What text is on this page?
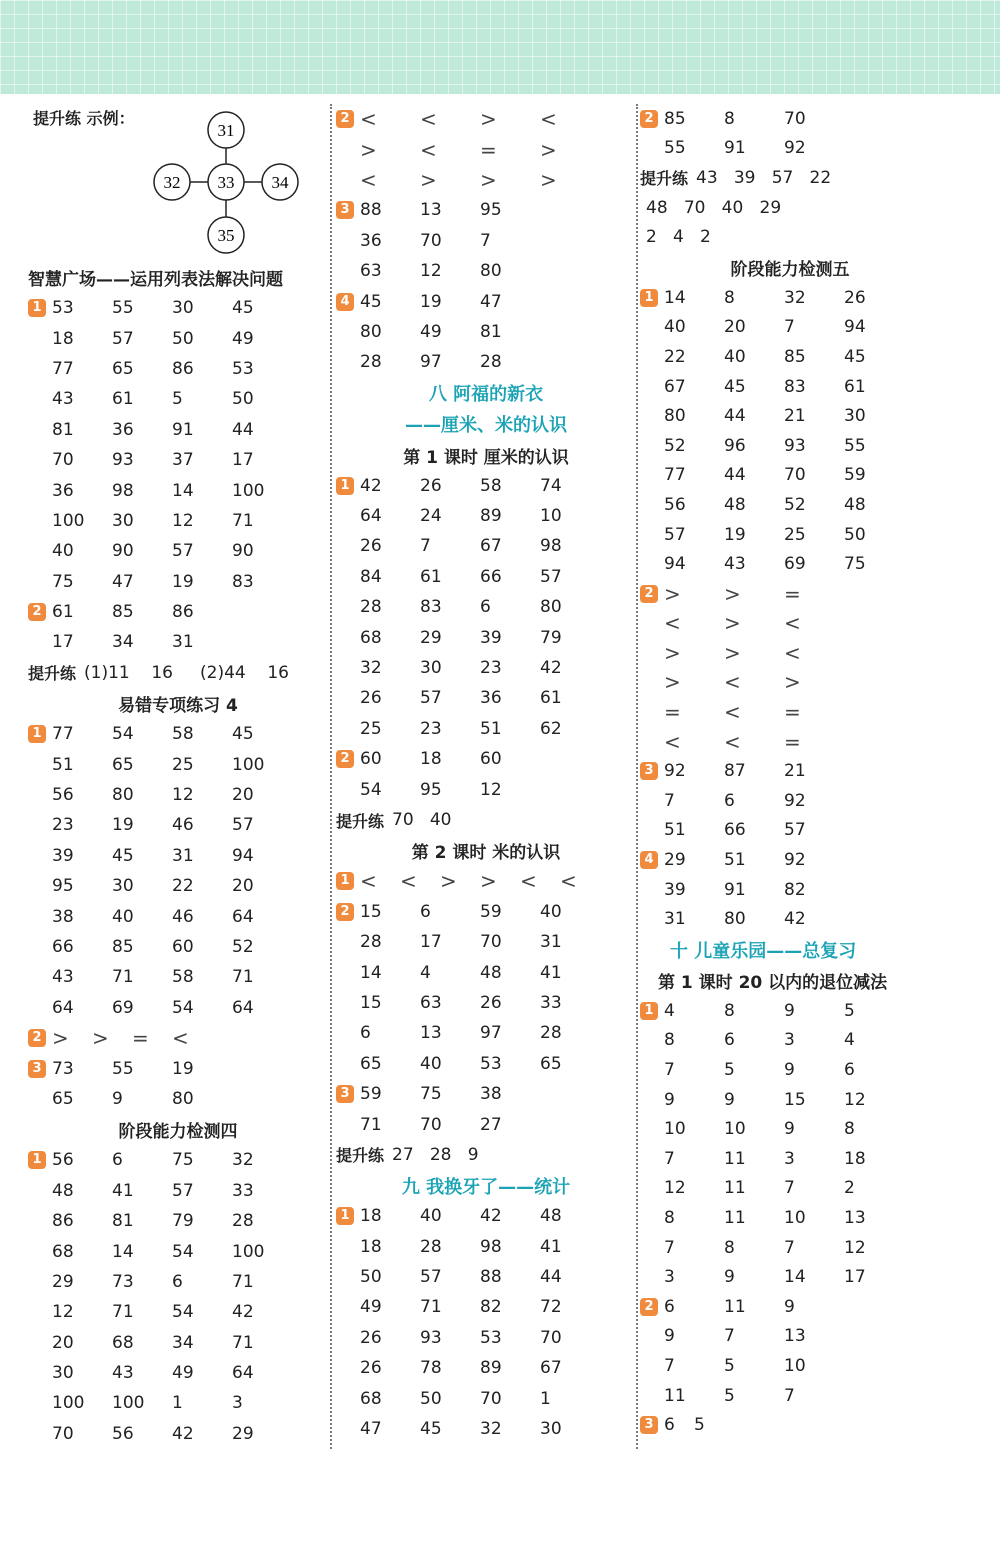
提升练 示例：
31
32 33 34
35
智慧广场——运用列表法解决问题
1 53	55	30	45
18	57	50	49
77	65	86	53
43	61	5	50
81	36	91	44
70	93	37	17
36	98	14	100
100	30	12	71
40	90	57	90
75	47	19	83
2 61	85	86
17	34	31
提升练 (1)11    16     (2)44    16
易错专项练习 4
1 77	54	58	45
51	65	25	100
56	80	12	20
23	19	46	57
39	45	31	94
95	30	22	20
38	40	46	64
66	85	60	52
43	71	58	71
64	69	54	64
2 >	>	=	<
3 73	55	19
65	9	80
阶段能力检测四
1 56	6	75	32
48	41	57	33
86	81	79	28
68	14	54	100
29	73	6	71
12	71	54	42
20	68	34	71
30	43	49	64
100	100	1	3
70	56	42	29
2 <	<	>	<
>	<	=	>
<	>	>	>
3 88	13	95
36	70	7
63	12	80
4 45	19	47
80	49	81
28	97	28
八 阿福的新衣
——厘米、米的认识
第 1 课时 厘米的认识
1 42	26	58	74
64	24	89	10
26	7	67	98
84	61	66	57
28	83	6	80
68	29	39	79
32	30	23	42
26	57	36	61
25	23	51	62
2 60	18	60
54	95	12
提升练 70   40
第 2 课时 米的认识
1 <	<	>	>	<	<
2 15	6	59	40
28	17	70	31
14	4	48	41
15	63	26	33
6	13	97	28
65	40	53	65
3 59	75	38
71	70	27
提升练 27   28   9
九 我换牙了——统计
1 18	40	42	48
18	28	98	41
50	57	88	44
49	71	82	72
26	93	53	70
26	78	89	67
68	50	70	1
47	45	32	30
2 85	8	70
55	91	92
提升练 43   39   57   22
48   70   40   29
2   4   2
阶段能力检测五
1 14	8	32	26
40	20	7	94
22	40	85	45
67	45	83	61
80	44	21	30
52	96	93	55
77	44	70	59
56	48	52	48
57	19	25	50
94	43	69	75
2 >	>	=
<	>	<
>	>	<
>	<	>
=	<	=
<	<	=
3 92	87	21
7	6	92
51	66	57
4 29	51	92
39	91	82
31	80	42
十 儿童乐园——总复习
第 1 课时 20 以内的退位减法
1 4	8	9	5
8	6	3	4
7	5	9	6
9	9	15	12
10	10	9	8
7	11	3	18
12	11	7	2
8	11	10	13
7	8	7	12
3	9	14	17
2 6	11	9
9	7	13
7	5	10
11	5	7
3 6	5
